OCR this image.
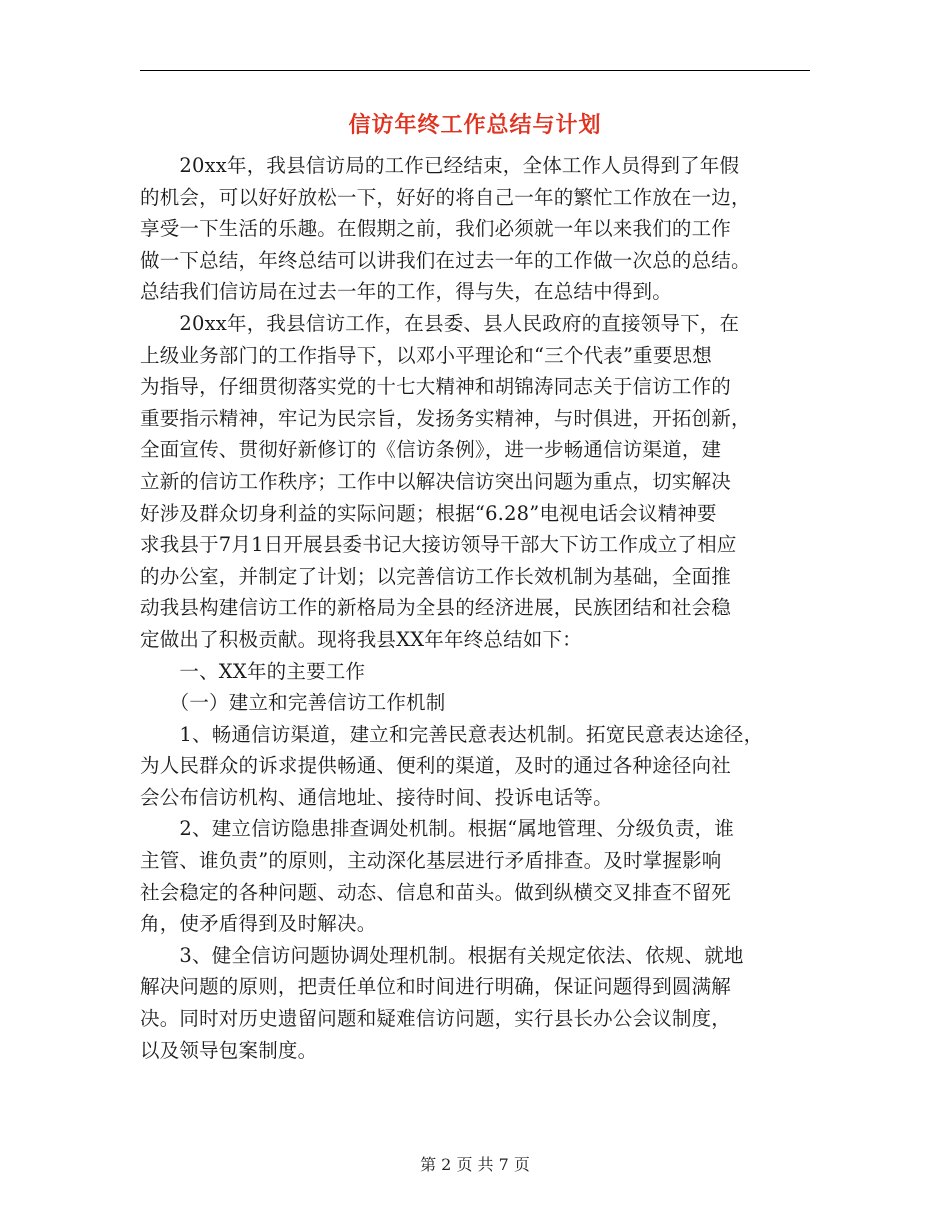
信访年终工作总结与计划
　　20xx年，我县信访局的工作已经结束，全体工作人员得到了年假
的机会，可以好好放松一下，好好的将自己一年的繁忙工作放在一边，
享受一下生活的乐趣。在假期之前，我们必须就一年以来我们的工作
做一下总结，年终总结可以讲我们在过去一年的工作做一次总的总结。
总结我们信访局在过去一年的工作，得与失，在总结中得到。
　　20xx年，我县信访工作，在县委、县人民政府的直接领导下，在
上级业务部门的工作指导下，以邓小平理论和“三个代表”重要思想
为指导，仔细贯彻落实党的十七大精神和胡锦涛同志关于信访工作的
重要指示精神，牢记为民宗旨，发扬务实精神，与时俱进，开拓创新，
全面宣传、贯彻好新修订的《信访条例》，进一步畅通信访渠道，建
立新的信访工作秩序；工作中以解决信访突出问题为重点，切实解决
好涉及群众切身利益的实际问题；根据“6.28”电视电话会议精神要
求我县于7月1日开展县委书记大接访领导干部大下访工作成立了相应
的办公室，并制定了计划；以完善信访工作长效机制为基础，全面推
动我县构建信访工作的新格局为全县的经济进展，民族团结和社会稳
定做出了积极贡献。现将我县XX年年终总结如下：
　　一、XX年的主要工作
　　（一）建立和完善信访工作机制
　　1、畅通信访渠道，建立和完善民意表达机制。拓宽民意表达途径，
为人民群众的诉求提供畅通、便利的渠道，及时的通过各种途径向社
会公布信访机构、通信地址、接待时间、投诉电话等。
　　2、建立信访隐患排查调处机制。根据“属地管理、分级负责，谁
主管、谁负责”的原则，主动深化基层进行矛盾排查。及时掌握影响
社会稳定的各种问题、动态、信息和苗头。做到纵横交叉排查不留死
角，使矛盾得到及时解决。
　　3、健全信访问题协调处理机制。根据有关规定依法、依规、就地
解决问题的原则，把责任单位和时间进行明确，保证问题得到圆满解
决。同时对历史遗留问题和疑难信访问题，实行县长办公会议制度，
以及领导包案制度。
第 2 页 共 7 页
